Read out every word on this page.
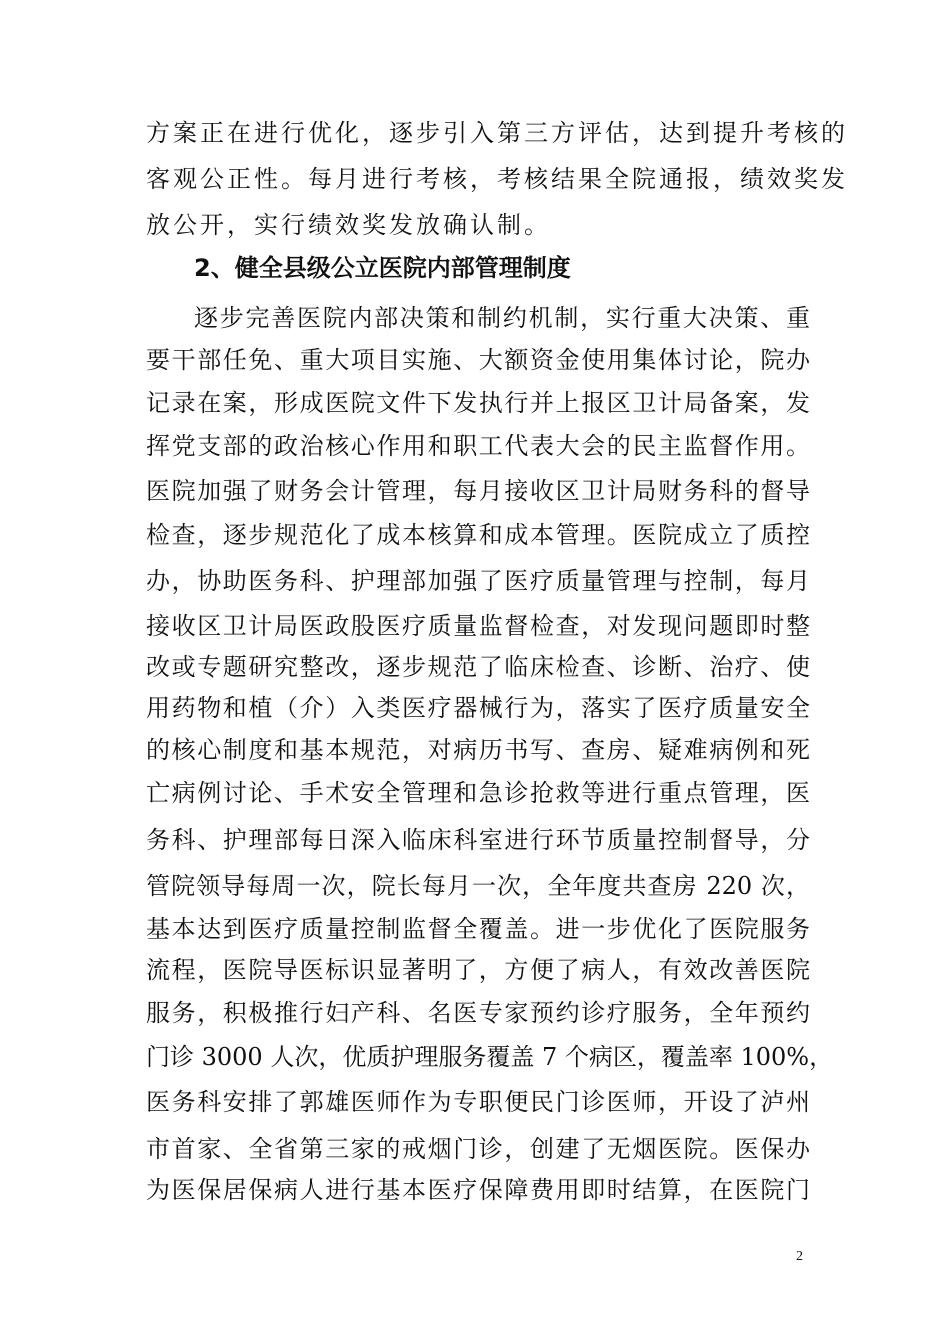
方案正在进行优化，逐步引入第三方评估，达到提升考核的
客观公正性。每月进行考核，考核结果全院通报，绩效奖发
放公开，实行绩效奖发放确认制。
2、健全县级公立医院内部管理制度
逐步完善医院内部决策和制约机制，实行重大决策、重
要干部任免、重大项目实施、大额资金使用集体讨论，院办
记录在案，形成医院文件下发执行并上报区卫计局备案，发
挥党支部的政治核心作用和职工代表大会的民主监督作用。
医院加强了财务会计管理，每月接收区卫计局财务科的督导
检查，逐步规范化了成本核算和成本管理。医院成立了质控
办，协助医务科、护理部加强了医疗质量管理与控制，每月
接收区卫计局医政股医疗质量监督检查，对发现问题即时整
改或专题研究整改，逐步规范了临床检查、诊断、治疗、使
用药物和植（介）入类医疗器械行为，落实了医疗质量安全
的核心制度和基本规范，对病历书写、查房、疑难病例和死
亡病例讨论、手术安全管理和急诊抢救等进行重点管理，医
务科、护理部每日深入临床科室进行环节质量控制督导，分
管院领导每周一次，院长每月一次，全年度共查房 220 次，
基本达到医疗质量控制监督全覆盖。进一步优化了医院服务
流程，医院导医标识显著明了，方便了病人，有效改善医院
服务，积极推行妇产科、名医专家预约诊疗服务，全年预约
门诊 3000 人次，优质护理服务覆盖 7 个病区，覆盖率 100%，
医务科安排了郭雄医师作为专职便民门诊医师，开设了泸州
市首家、全省第三家的戒烟门诊，创建了无烟医院。医保办
为医保居保病人进行基本医疗保障费用即时结算，在医院门
2
